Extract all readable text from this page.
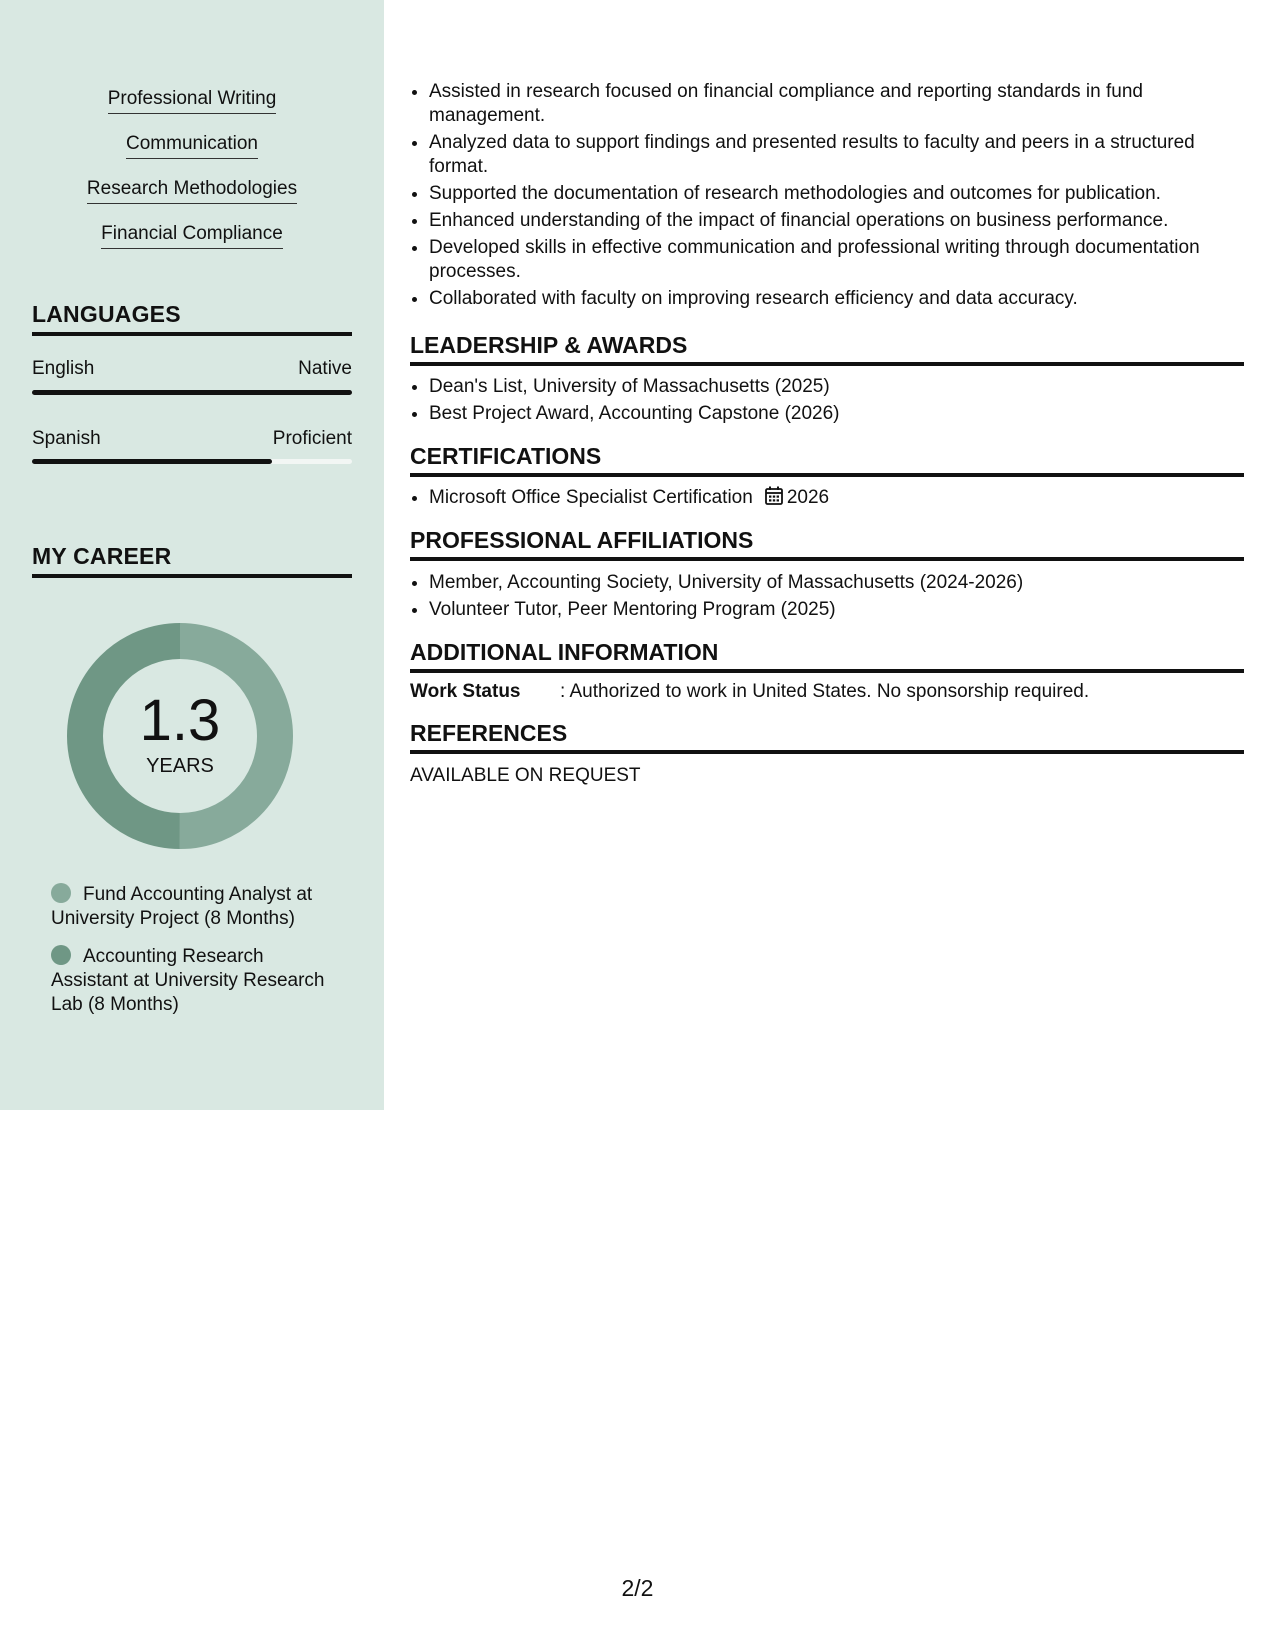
Professional Writing
Communication
Research Methodologies
Financial Compliance
LANGUAGES
English	Native
Spanish	Proficient
MY CAREER
1.3
YEARS
Fund Accounting Analyst at University Project (8 Months)
Accounting Research Assistant at University Research Lab (8 Months)
• Assisted in research focused on financial compliance and reporting standards in fund management.
• Analyzed data to support findings and presented results to faculty and peers in a structured format.
• Supported the documentation of research methodologies and outcomes for publication.
• Enhanced understanding of the impact of financial operations on business performance.
• Developed skills in effective communication and professional writing through documentation processes.
• Collaborated with faculty on improving research efficiency and data accuracy.
LEADERSHIP & AWARDS
• Dean's List, University of Massachusetts (2025)
• Best Project Award, Accounting Capstone (2026)
CERTIFICATIONS
• Microsoft Office Specialist Certification 2026
PROFESSIONAL AFFILIATIONS
• Member, Accounting Society, University of Massachusetts (2024-2026)
• Volunteer Tutor, Peer Mentoring Program (2025)
ADDITIONAL INFORMATION
Work Status : Authorized to work in United States. No sponsorship required.
REFERENCES
AVAILABLE ON REQUEST
2/2
